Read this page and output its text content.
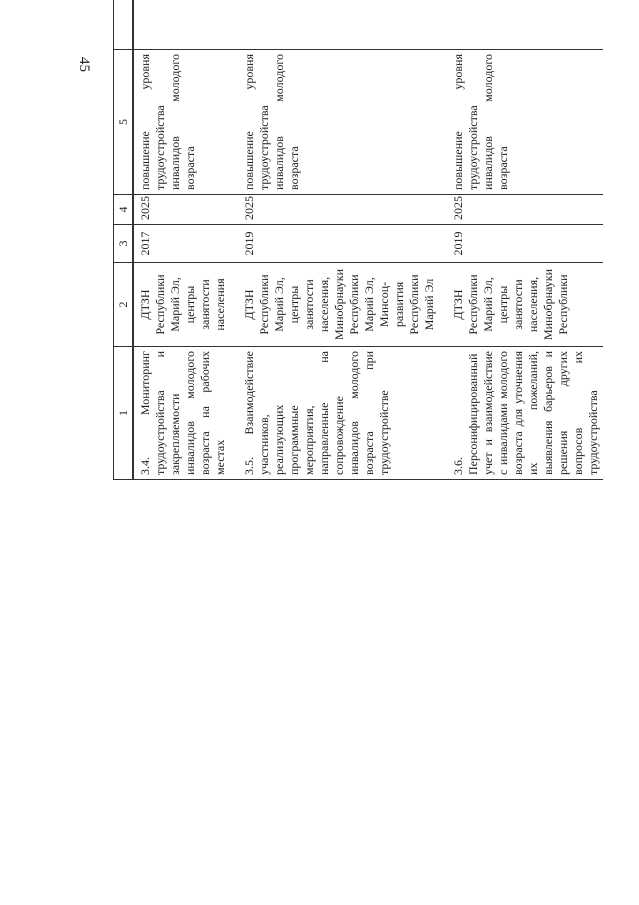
45
1	2	3	4	5					
3.4. Мониторинг трудоустройства и закрепляемости инвалидов молодого возраста на рабочих местах	ДТЗН Республики Марий Эл, центры занятости населения	2017	2025	повышение уровня трудоустройства инвалидов молодого возраста					
3.5. Взаимодействие участников, реализующих программные мероприятия, направленные на сопровождение инвалидов молодого возраста при трудоустройстве	ДТЗН Республики Марий Эл, центры занятости населения, Минобрнауки Республики Марий Эл, Минсоцразвития Республики Марий Эл	2019	2025	повышение уровня трудоустройства инвалидов молодого возраста					
3.6. Персонифицированный учет и взаимодействие с инвалидами молодого возраста для уточнения их пожеланий, выявления барьеров и решения других вопросов их трудоустройства	ДТЗН Республики Марий Эл, центры занятости населения, Минобрнауки Республики	2019	2025	повышение уровня трудоустройства инвалидов молодого возраста					
